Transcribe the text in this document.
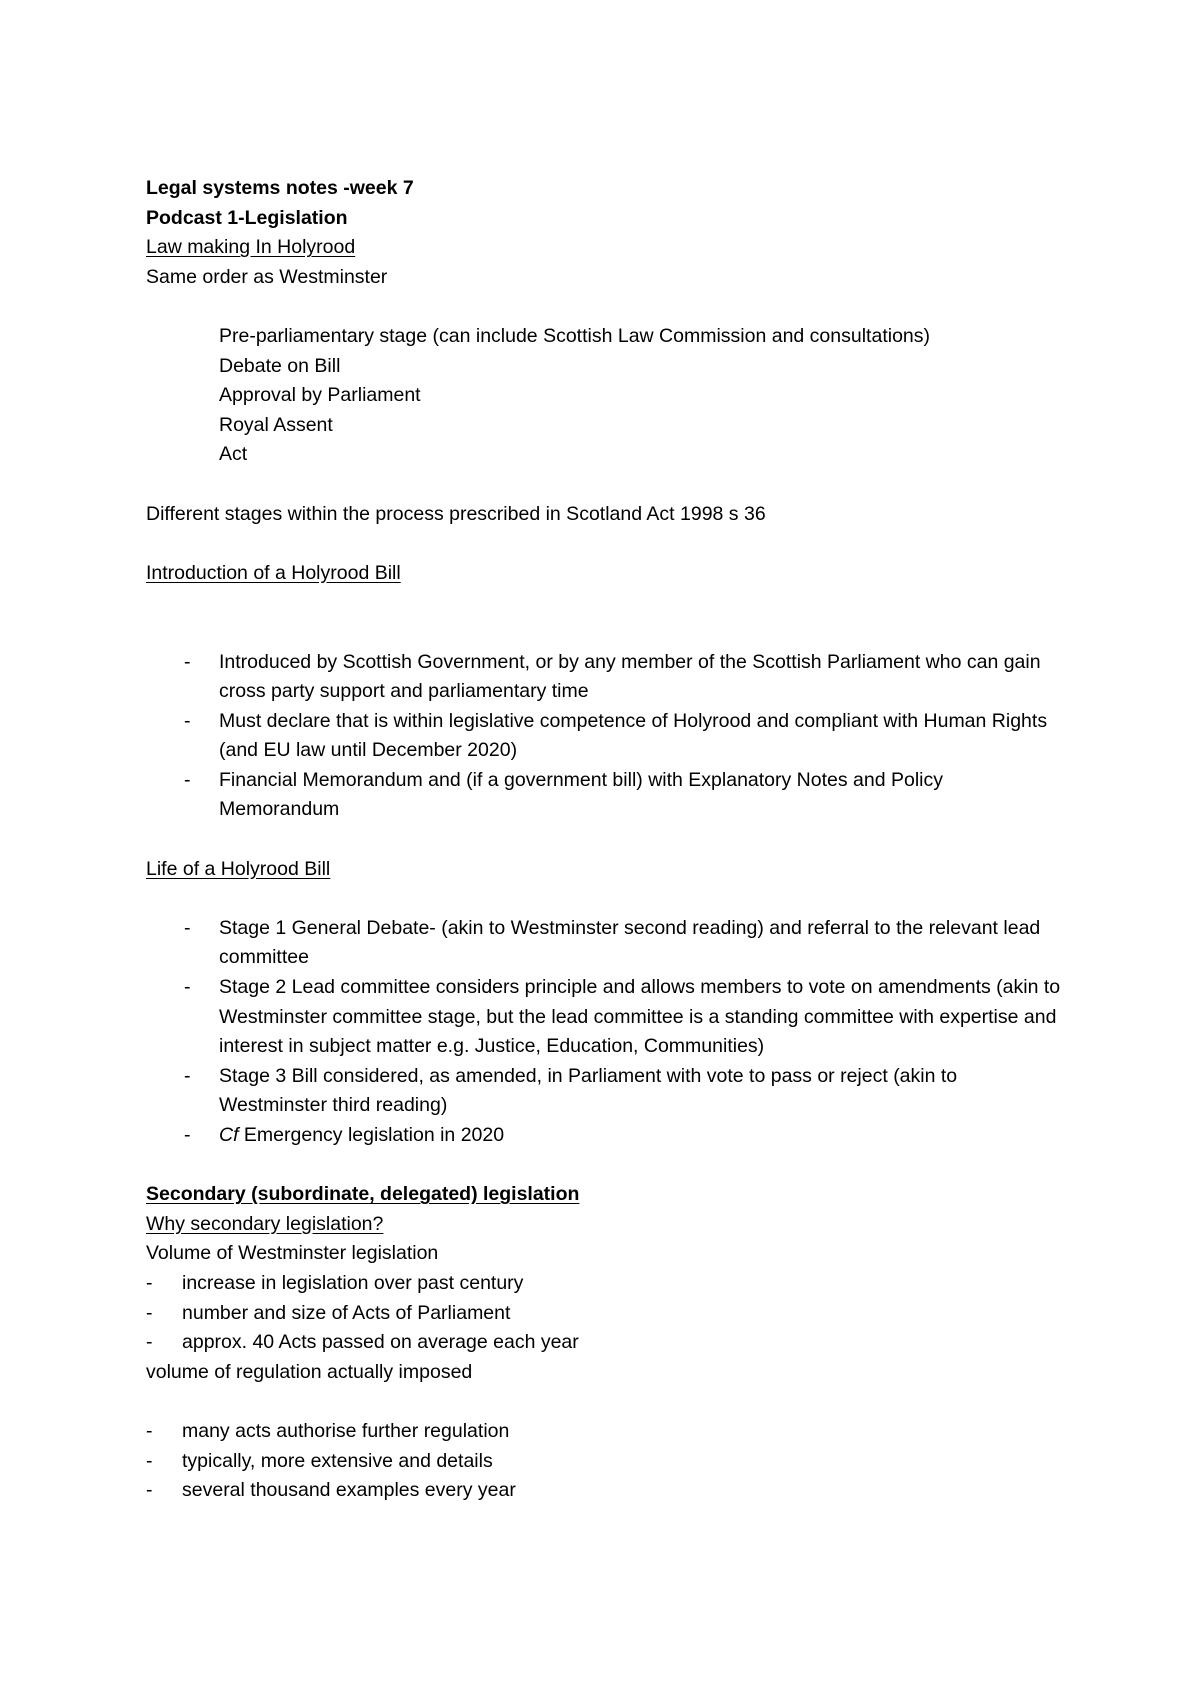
Legal systems notes -week 7
Podcast 1-Legislation
Law making In Holyrood
Same order as Westminster
Pre-parliamentary stage (can include Scottish Law Commission and consultations)
Debate on Bill
Approval by Parliament
Royal Assent
Act
Different stages within the process prescribed in Scotland Act 1998 s 36
Introduction of a Holyrood Bill
- Introduced by Scottish Government, or by any member of the Scottish Parliament who can gain cross party support and parliamentary time
- Must declare that is within legislative competence of Holyrood and compliant with Human Rights (and EU law until December 2020)
- Financial Memorandum and (if a government bill) with Explanatory Notes and Policy Memorandum
Life of a Holyrood Bill
- Stage 1 General Debate- (akin to Westminster second reading) and referral to the relevant lead committee
- Stage 2 Lead committee considers principle and allows members to vote on amendments (akin to Westminster committee stage, but the lead committee is a standing committee with expertise and interest in subject matter e.g. Justice, Education, Communities)
- Stage 3 Bill considered, as amended, in Parliament with vote to pass or reject (akin to Westminster third reading)
- Cf Emergency legislation in 2020
Secondary (subordinate, delegated) legislation
Why secondary legislation?
Volume of Westminster legislation
- increase in legislation over past century
- number and size of Acts of Parliament
- approx. 40 Acts passed on average each year
volume of regulation actually imposed
- many acts authorise further regulation
- typically, more extensive and details
- several thousand examples every year
